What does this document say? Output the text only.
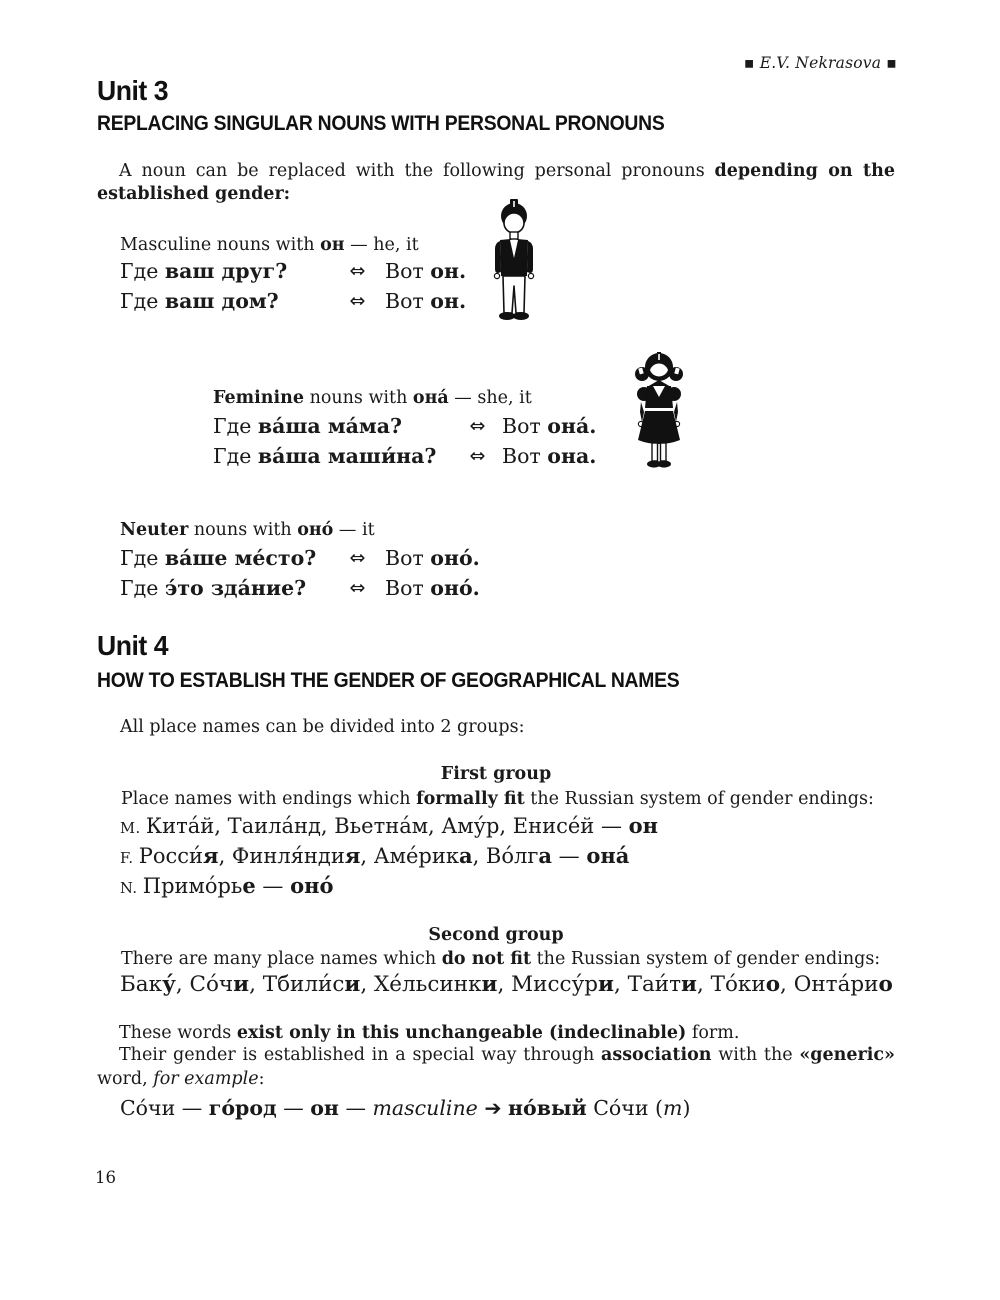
▪ E.V. Nekrasova ▪
Unit 3
REPLACING SINGULAR NOUNS WITH PERSONAL PRONOUNS
A noun can be replaced with the following personal pronouns depending on the
established gender:
Masculine nouns with он — he, it
Где ваш друг?	⇔ Вот он.
Где ваш дом?	⇔ Вот он.
Feminine nouns with она́ — she, it
Где ва́ша ма́ма?	⇔ Вот она́.
Где ва́ша маши́на?	⇔ Вот она.
Neuter nouns with оно́ — it
Где ва́ше ме́сто?	⇔ Вот оно́.
Где э́то зда́ние?	⇔ Вот оно́.
Unit 4
HOW TO ESTABLISH THE GENDER OF GEOGRAPHICAL NAMES
All place names can be divided into 2 groups:
First group
Place names with endings which formally fit the Russian system of gender endings:
M. Кита́й, Таила́нд, Вьетна́м, Аму́р, Енисе́й — он
F. Росси́я, Финля́ндия, Аме́рика, Во́лга — она́
N. Примо́рье — оно́
Second group
There are many place names which do not fit the Russian system of gender endings:
Баку́, Со́чи, Тбили́си, Хе́льсинки, Миссу́ри, Таи́ти, То́кио, Онта́рио
These words exist only in this unchangeable (indeclinable) form.
Their gender is established in a special way through association with the «generic»
word, for example:
Со́чи — го́род — он — masculine ➔ но́вый Со́чи (m)
16
